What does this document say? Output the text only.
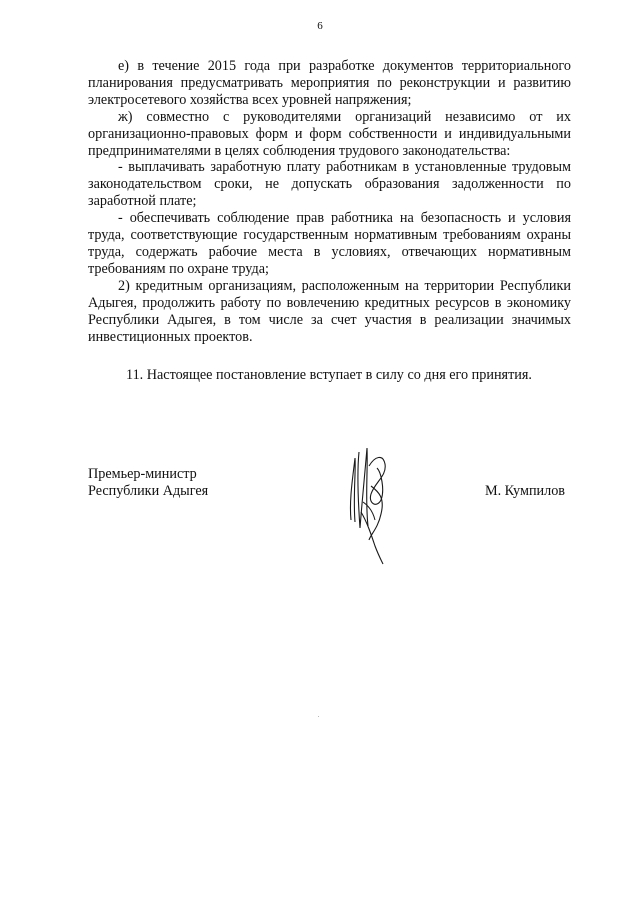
6

е) в течение 2015 года при разработке документов территориального планирования предусматривать мероприятия по реконструкции и развитию электросетевого хозяйства всех уровней напряжения;

ж) совместно с руководителями организаций независимо от их организационно-правовых форм и форм собственности и индивидуальными предпринимателями в целях соблюдения трудового законодательства:

- выплачивать заработную плату работникам в установленные трудовым законодательством сроки, не допускать образования задолженности по заработной плате;

- обеспечивать соблюдение прав работника на безопасность и условия труда, соответствующие государственным нормативным требованиям охраны труда, содержать рабочие места в условиях, отвечающих нормативным требованиям по охране труда;

2) кредитным организациям, расположенным на территории Республики Адыгея, продолжить работу по вовлечению кредитных ресурсов в экономику Республики Адыгея, в том числе за счет участия в реализации значимых инвестиционных проектов.

11. Настоящее постановление вступает в силу со дня его принятия.

Премьер-министр
Республики Адыгея	М. Кумпилов
